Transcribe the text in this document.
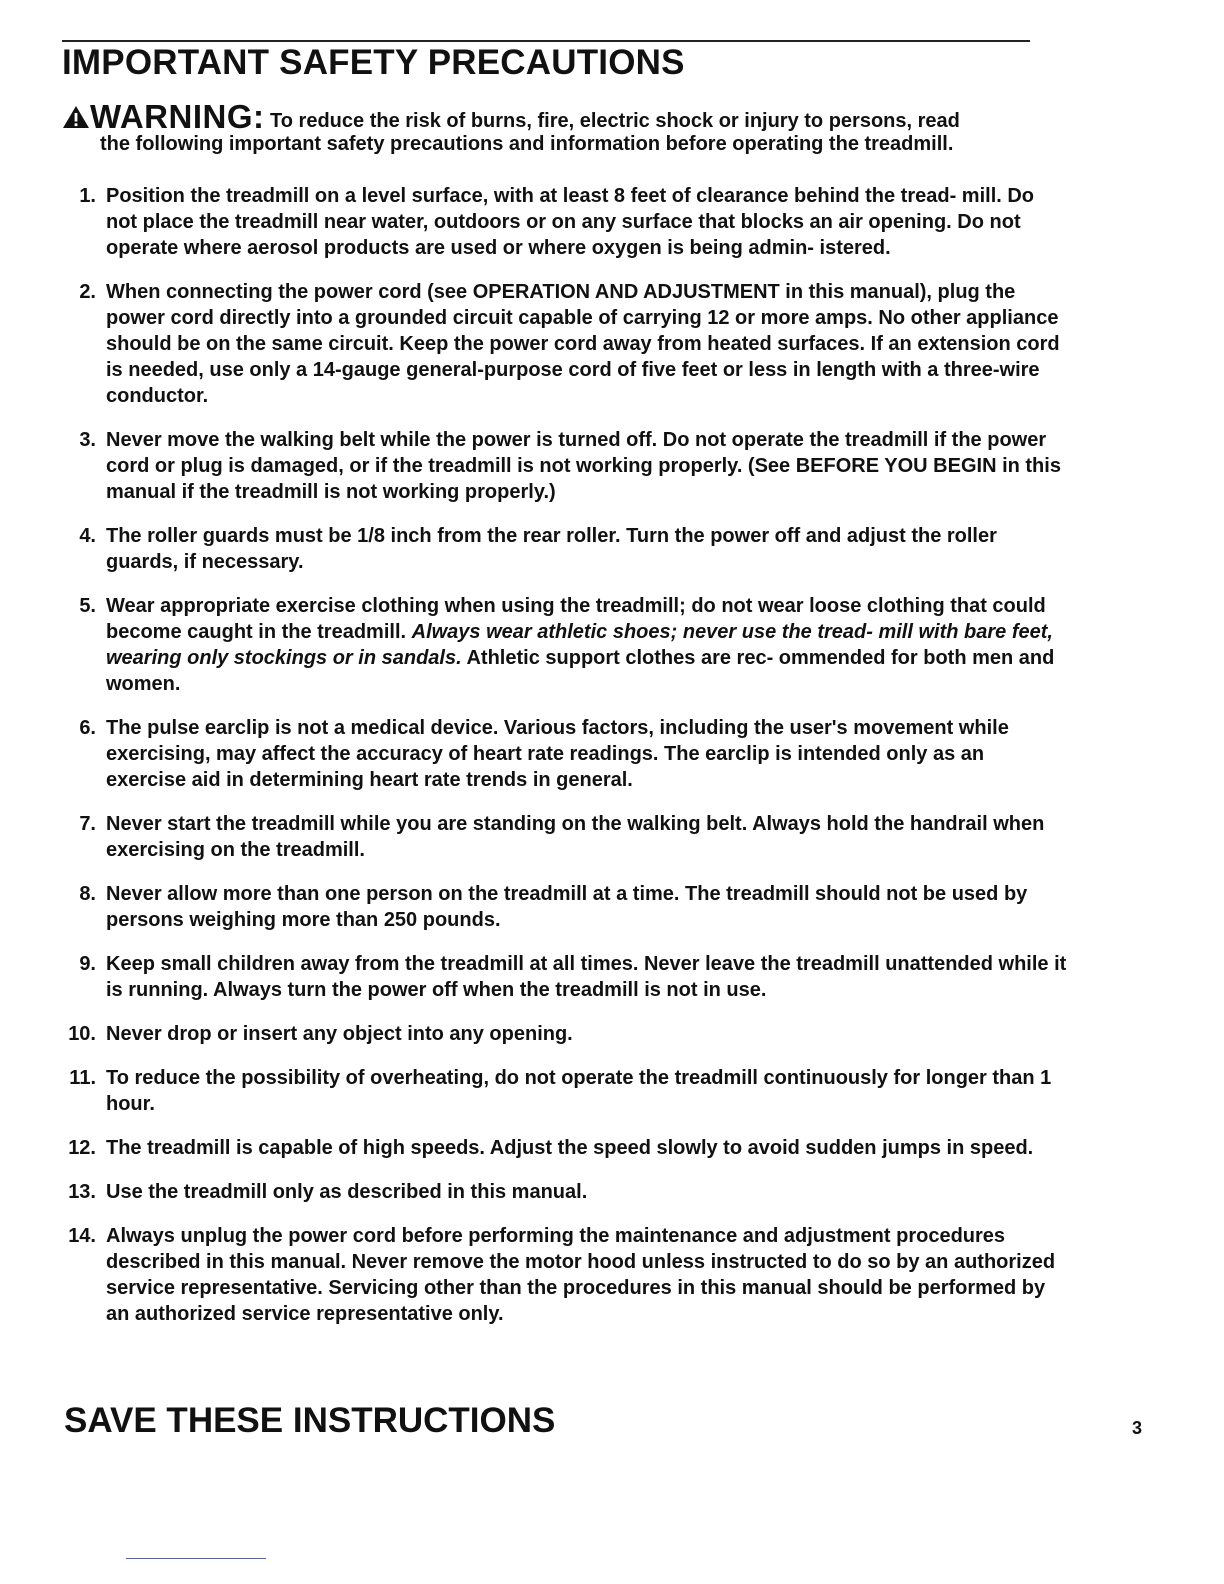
IMPORTANT SAFETY PRECAUTIONS

WARNING: To reduce the risk of burns, fire, electric shock or injury to persons, read
the following important safety precautions and information before operating the treadmill.

1. Position the treadmill on a level surface, with at least 8 feet of clearance behind the tread- mill. Do not place the treadmill near water, outdoors or on any surface that blocks an air opening. Do not operate where aerosol products are used or where oxygen is being admin- istered.
2. When connecting the power cord (see OPERATION AND ADJUSTMENT in this manual), plug the power cord directly into a grounded circuit capable of carrying 12 or more amps. No other appliance should be on the same circuit. Keep the power cord away from heated surfaces. If an extension cord is needed, use only a 14-gauge general-purpose cord of five feet or less in length with a three-wire conductor.
3. Never move the walking belt while the power is turned off. Do not operate the treadmill if the power cord or plug is damaged, or if the treadmill is not working properly. (See BEFORE YOU BEGIN in this manual if the treadmill is not working properly.)
4. The roller guards must be 1/8 inch from the rear roller. Turn the power off and adjust the roller guards, if necessary.
5. Wear appropriate exercise clothing when using the treadmill; do not wear loose clothing that could become caught in the treadmill. Always wear athletic shoes; never use the tread- mill with bare feet, wearing only stockings or in sandals. Athletic support clothes are rec- ommended for both men and women.
6. The pulse earclip is not a medical device. Various factors, including the user's movement while exercising, may affect the accuracy of heart rate readings. The earclip is intended only as an exercise aid in determining heart rate trends in general.
7. Never start the treadmill while you are standing on the walking belt. Always hold the handrail when exercising on the treadmill.
8. Never allow more than one person on the treadmill at a time. The treadmill should not be used by persons weighing more than 250 pounds.
9. Keep small children away from the treadmill at all times. Never leave the treadmill unattended while it is running. Always turn the power off when the treadmill is not in use.
10. Never drop or insert any object into any opening.
11. To reduce the possibility of overheating, do not operate the treadmill continuously for longer than 1 hour.
12. The treadmill is capable of high speeds. Adjust the speed slowly to avoid sudden jumps in speed.
13. Use the treadmill only as described in this manual.
14. Always unplug the power cord before performing the maintenance and adjustment procedures described in this manual. Never remove the motor hood unless instructed to do so by an authorized service representative. Servicing other than the procedures in this manual should be performed by an authorized service representative only.
SAVE THESE INSTRUCTIONS	3
